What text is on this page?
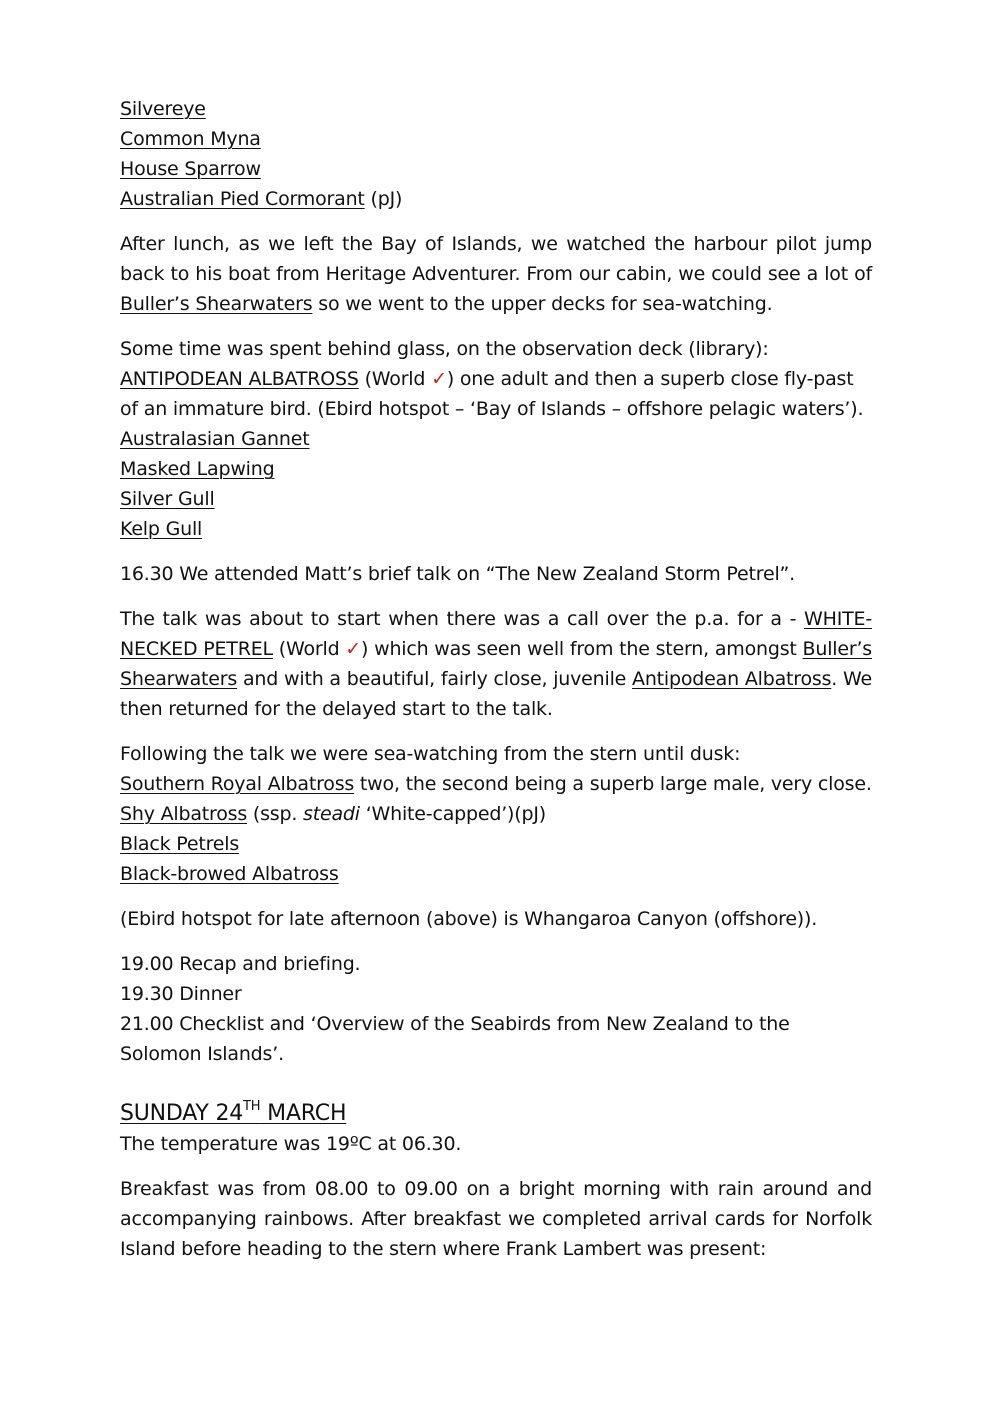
Silvereye

Common Myna

House Sparrow

Australian Pied Cormorant (pJ)

After lunch, as we left the Bay of Islands, we watched the harbour pilot jump back to his boat from Heritage Adventurer. From our cabin, we could see a lot of Buller’s Shearwaters so we went to the upper decks for sea-watching.

Some time was spent behind glass, on the observation deck (library):

ANTIPODEAN ALBATROSS (World ✓) one adult and then a superb close fly-past of an immature bird. (Ebird hotspot – ‘Bay of Islands – offshore pelagic waters’).

Australasian Gannet

Masked Lapwing

Silver Gull

Kelp Gull

16.30 We attended Matt’s brief talk on “The New Zealand Storm Petrel”.

The talk was about to start when there was a call over the p.a. for a - WHITE-NECKED PETREL (World ✓) which was seen well from the stern, amongst Buller’s Shearwaters and with a beautiful, fairly close, juvenile Antipodean Albatross. We then returned for the delayed start to the talk.

Following the talk we were sea-watching from the stern until dusk:

Southern Royal Albatross two, the second being a superb large male, very close.

Shy Albatross (ssp. steadi ‘White-capped’)(pJ)

Black Petrels

Black-browed Albatross

(Ebird hotspot for late afternoon (above) is Whangaroa Canyon (offshore)).

19.00 Recap and briefing.

19.30 Dinner

21.00 Checklist and ‘Overview of the Seabirds from New Zealand to the Solomon Islands’.

SUNDAY 24TH MARCH

The temperature was 19ºC at 06.30.

Breakfast was from 08.00 to 09.00 on a bright morning with rain around and accompanying rainbows. After breakfast we completed arrival cards for Norfolk Island before heading to the stern where Frank Lambert was present:
